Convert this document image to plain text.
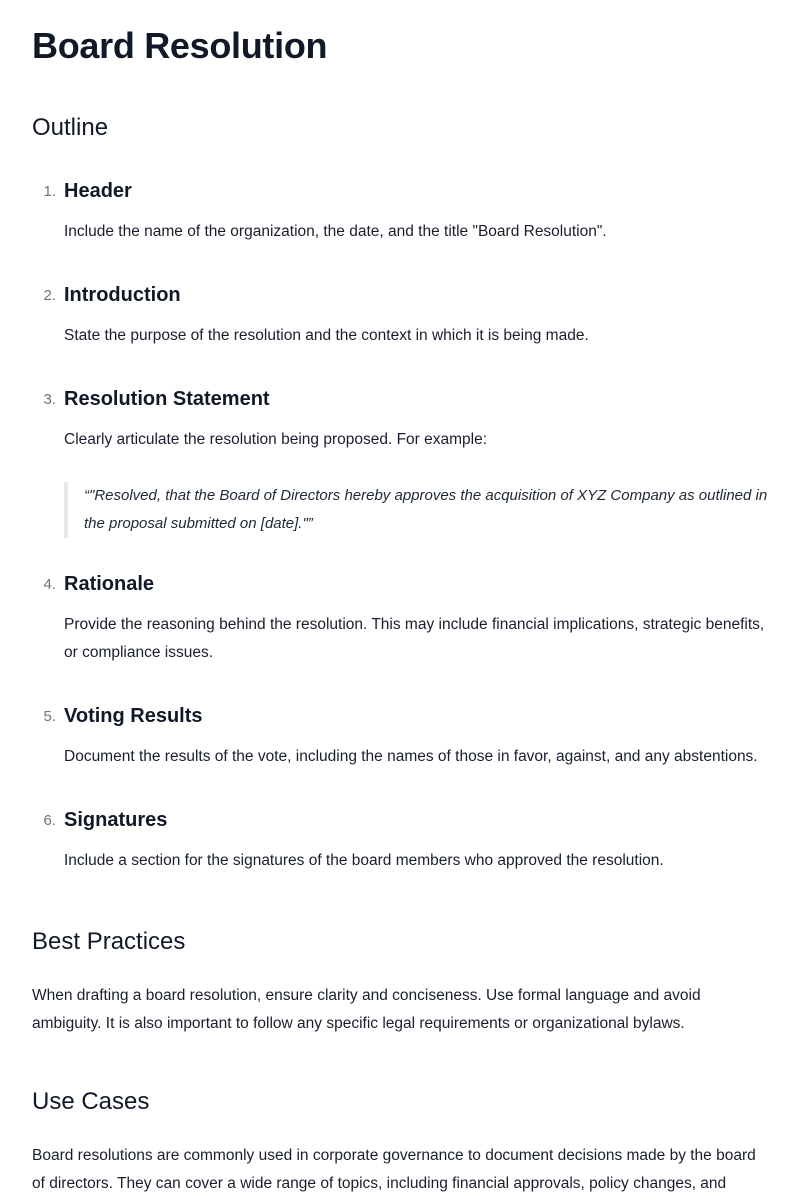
Board Resolution
Outline
1. Header

Include the name of the organization, the date, and the title "Board Resolution".

2. Introduction

State the purpose of the resolution and the context in which it is being made.

3. Resolution Statement

Clearly articulate the resolution being proposed. For example:

“"Resolved, that the Board of Directors hereby approves the acquisition of XYZ Company as outlined in the proposal submitted on [date]."”
4. Rationale

Provide the reasoning behind the resolution. This may include financial implications, strategic benefits, or compliance issues.

5. Voting Results

Document the results of the vote, including the names of those in favor, against, and any abstentions.

6. Signatures

Include a section for the signatures of the board members who approved the resolution.

Best Practices

When drafting a board resolution, ensure clarity and conciseness. Use formal language and avoid ambiguity. It is also important to follow any specific legal requirements or organizational bylaws.

Use Cases

Board resolutions are commonly used in corporate governance to document decisions made by the board of directors. They can cover a wide range of topics, including financial approvals, policy changes, and
